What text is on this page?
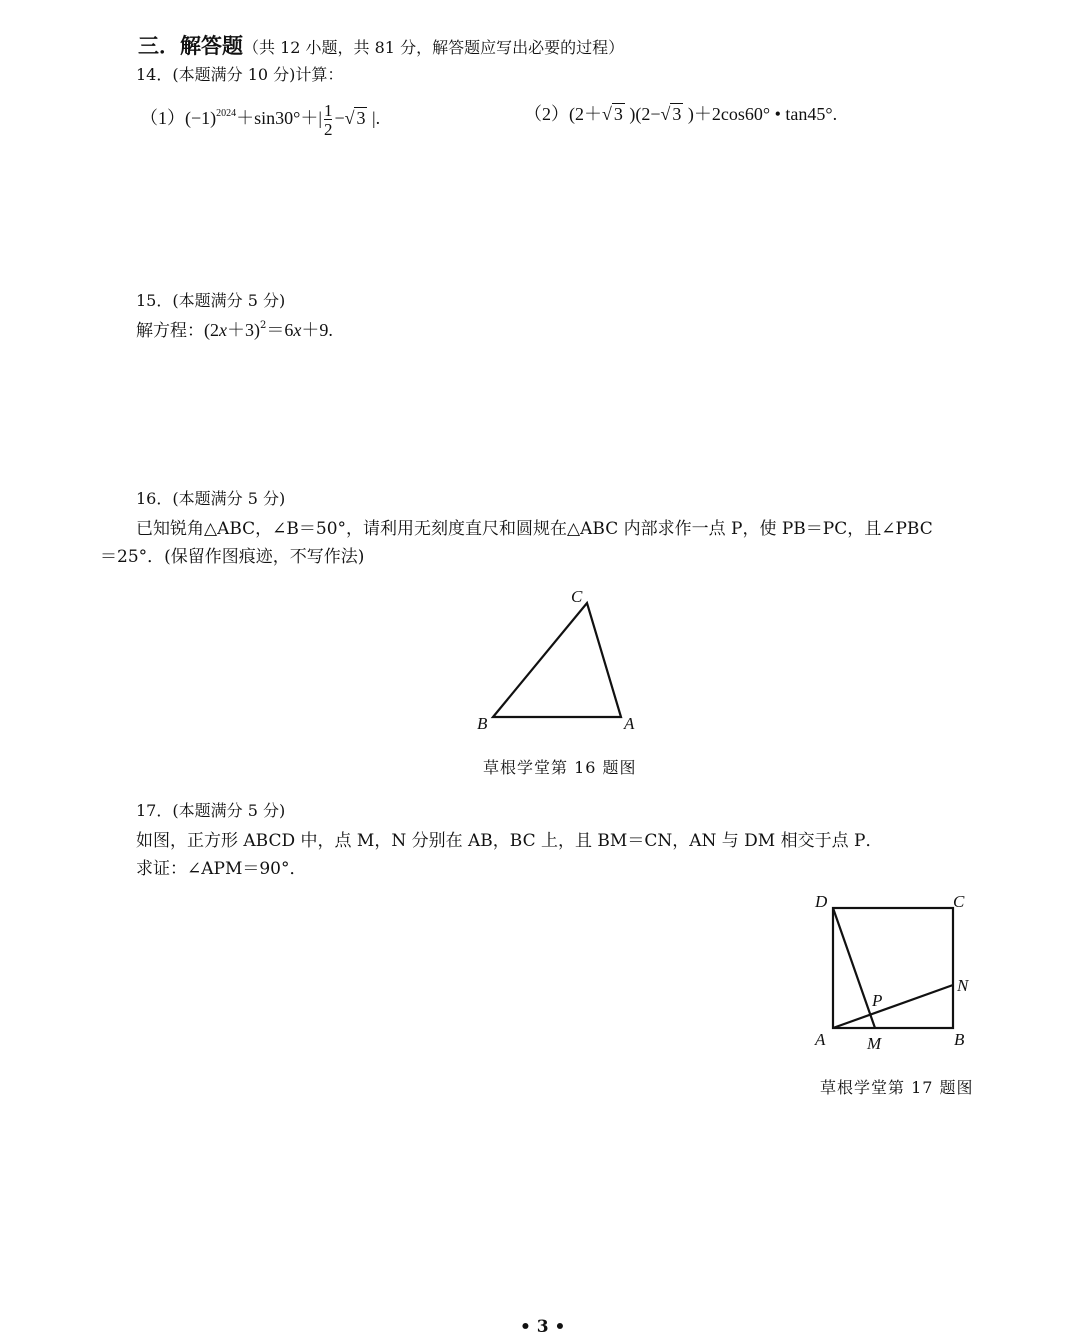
三．解答题（共 12 小题，共 81 分，解答题应写出必要的过程）
14．(本题满分 10 分)计算：
$(1)(-1)^{2024}+\sin 30^\circ+| \frac{1}{2}$ −√ 3 |.	（2）(2＋√ 3 )(2−√ 3 )＋2cos60° • tan45°.
15．(本题满分 5 分)
解方程：$(2x+3)^2=6x+9$.
16．(本题满分 5 分)
已知锐角△ABC，∠B＝50°，请利用无刻度直尺和圆规在△ABC 内部求作一点 P，使 PB＝PC，且∠PBC
＝25°．(保留作图痕迹，不写作法)
C
B	A
草根学堂第 16 题图
17．(本题满分 5 分)
如图，正方形 ABCD 中，点 M，N 分别在 AB，BC 上，且 BM＝CN，AN 与 DM 相交于点 P．
求证：∠APM＝90°．
D	C
N
P
A M	B
草根学堂第 17 题图
• 3 •
